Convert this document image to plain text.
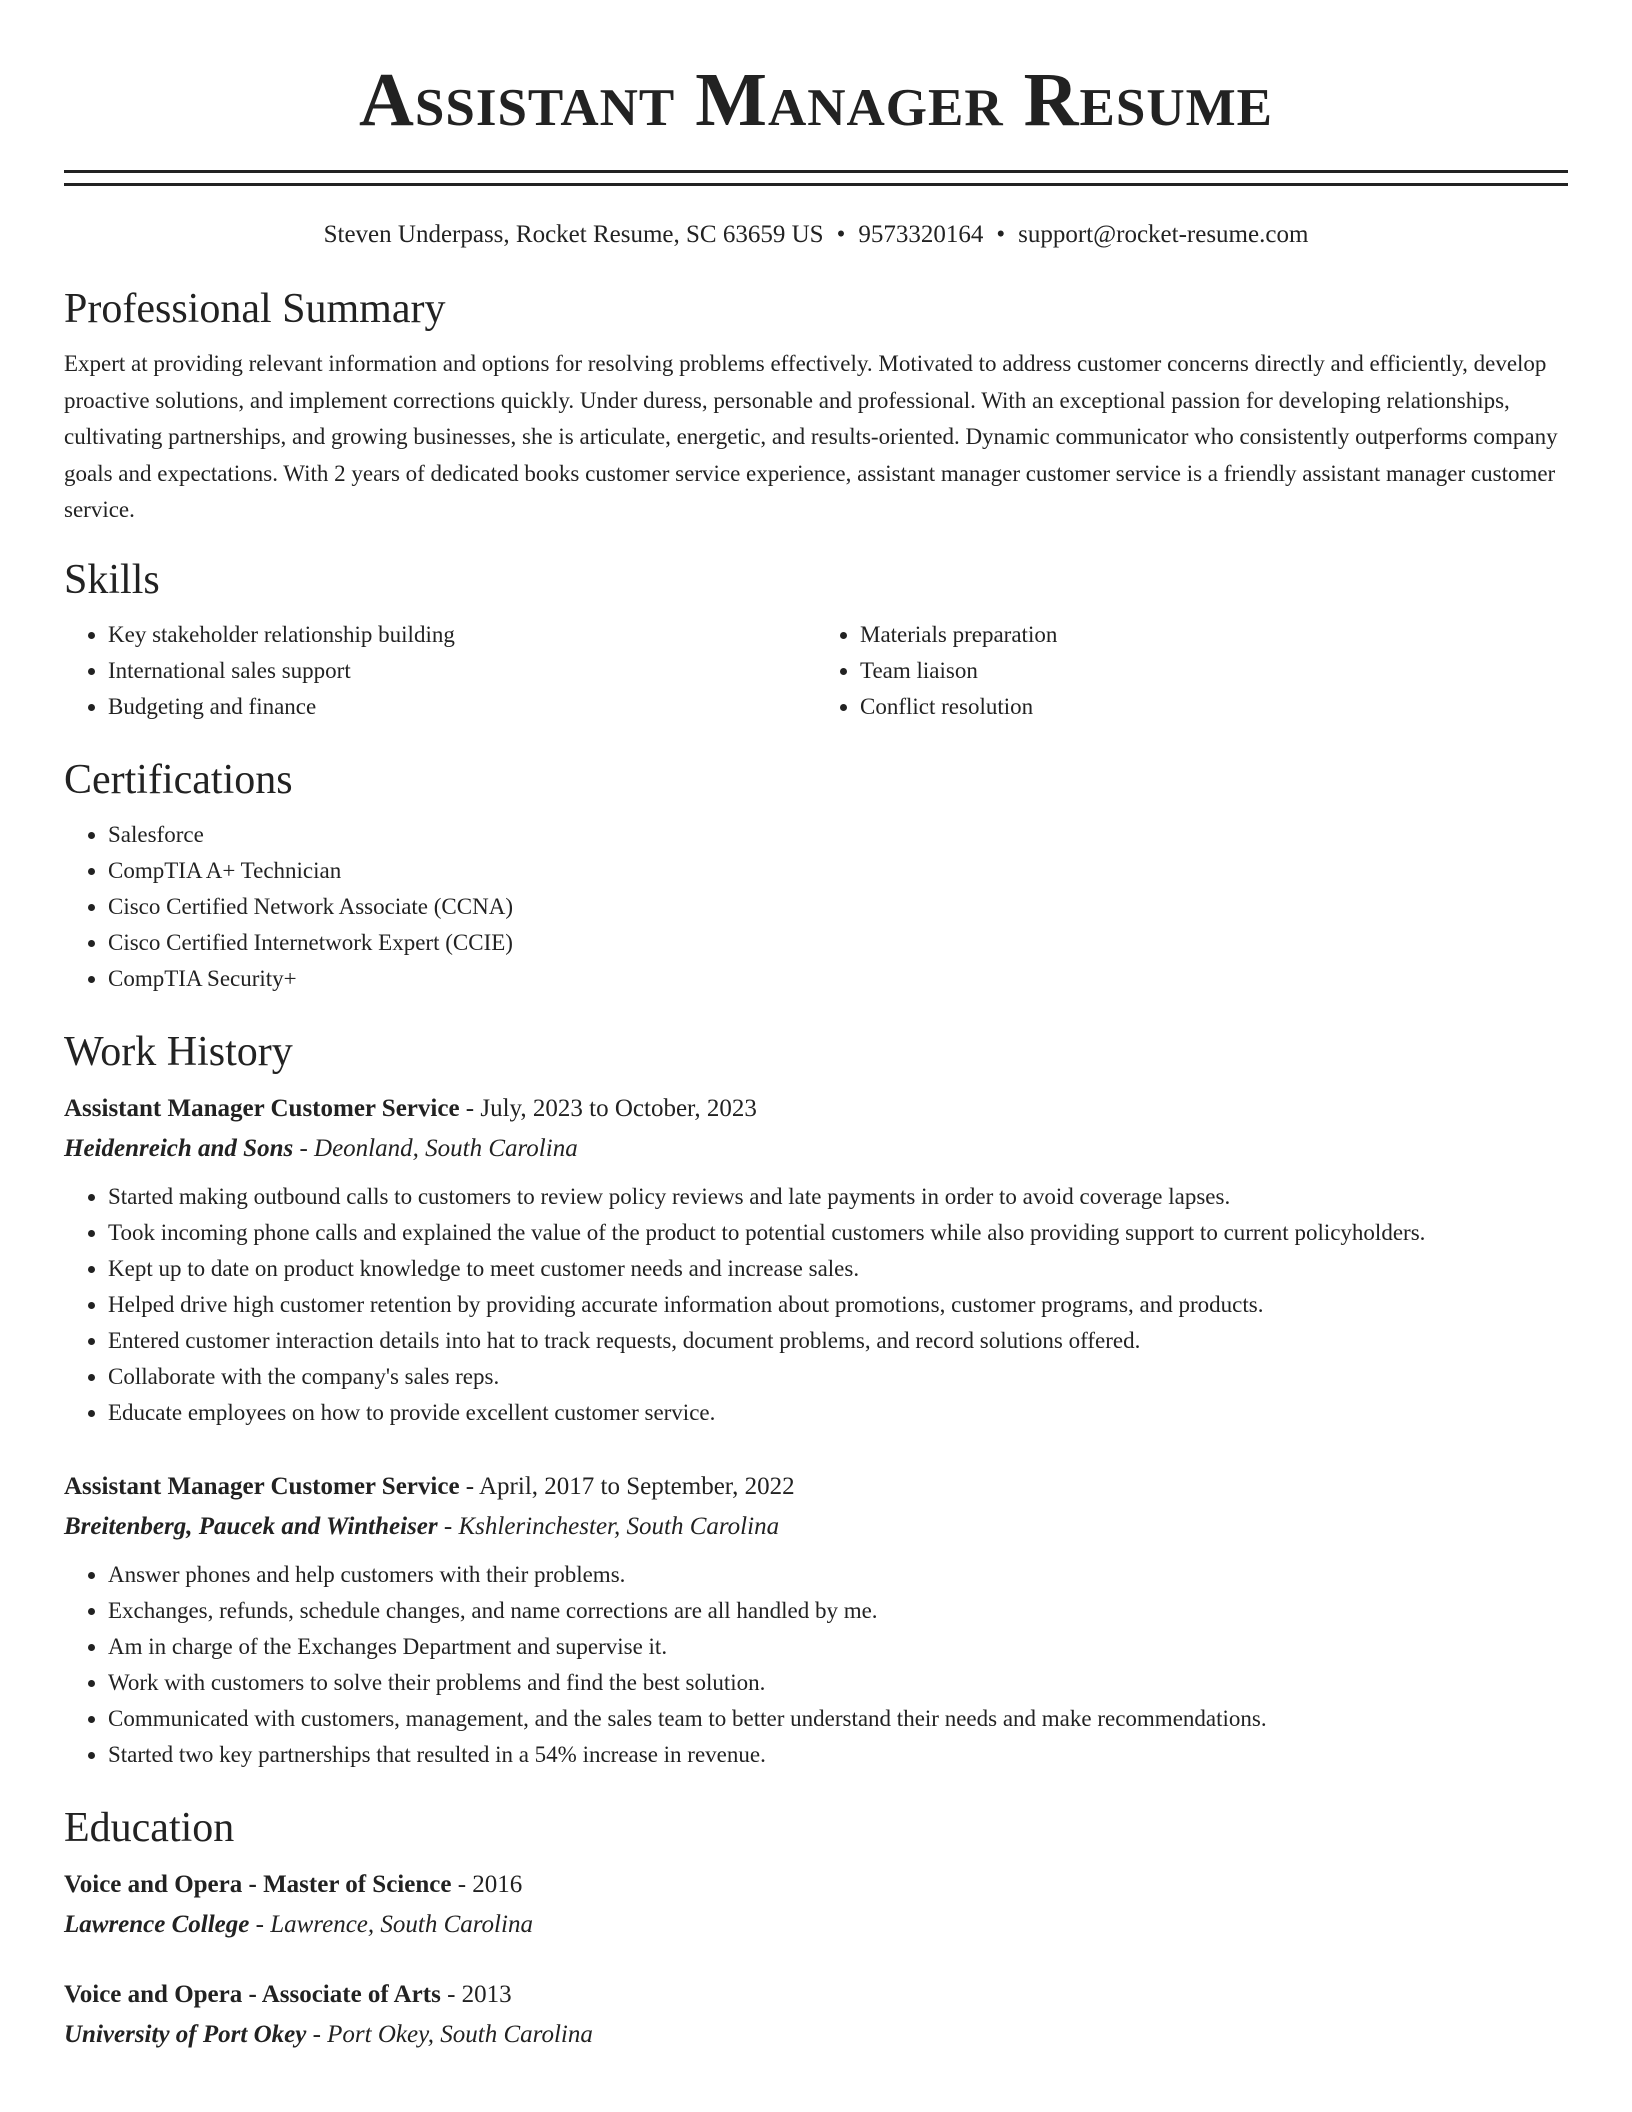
Assistant Manager Resume
Steven Underpass, Rocket Resume, SC 63659 US • 9573320164 • support@rocket-resume.com
Professional Summary

Expert at providing relevant information and options for resolving problems effectively. Motivated to address customer concerns directly and efficiently, develop proactive solutions, and implement corrections quickly. Under duress, personable and professional. With an exceptional passion for developing relationships, cultivating partnerships, and growing businesses, she is articulate, energetic, and results-oriented. Dynamic communicator who consistently outperforms company goals and expectations. With 2 years of dedicated books customer service experience, assistant manager customer service is a friendly assistant manager customer service.

Skills
• Key stakeholder relationship building
• International sales support
• Budgeting and finance
• Materials preparation
• Team liaison
• Conflict resolution
Certifications
• Salesforce
• CompTIA A+ Technician
• Cisco Certified Network Associate (CCNA)
• Cisco Certified Internetwork Expert (CCIE)
• CompTIA Security+
Work History
Assistant Manager Customer Service - July, 2023 to October, 2023
Heidenreich and Sons - Deonland, South Carolina
• Started making outbound calls to customers to review policy reviews and late payments in order to avoid coverage lapses.
• Took incoming phone calls and explained the value of the product to potential customers while also providing support to current policyholders.
• Kept up to date on product knowledge to meet customer needs and increase sales.
• Helped drive high customer retention by providing accurate information about promotions, customer programs, and products.
• Entered customer interaction details into hat to track requests, document problems, and record solutions offered.
• Collaborate with the company's sales reps.
• Educate employees on how to provide excellent customer service.
Assistant Manager Customer Service - April, 2017 to September, 2022
Breitenberg, Paucek and Wintheiser - Kshlerinchester, South Carolina
• Answer phones and help customers with their problems.
• Exchanges, refunds, schedule changes, and name corrections are all handled by me.
• Am in charge of the Exchanges Department and supervise it.
• Work with customers to solve their problems and find the best solution.
• Communicated with customers, management, and the sales team to better understand their needs and make recommendations.
• Started two key partnerships that resulted in a 54% increase in revenue.
Education
Voice and Opera - Master of Science - 2016
Lawrence College - Lawrence, South Carolina
Voice and Opera - Associate of Arts - 2013
University of Port Okey - Port Okey, South Carolina
